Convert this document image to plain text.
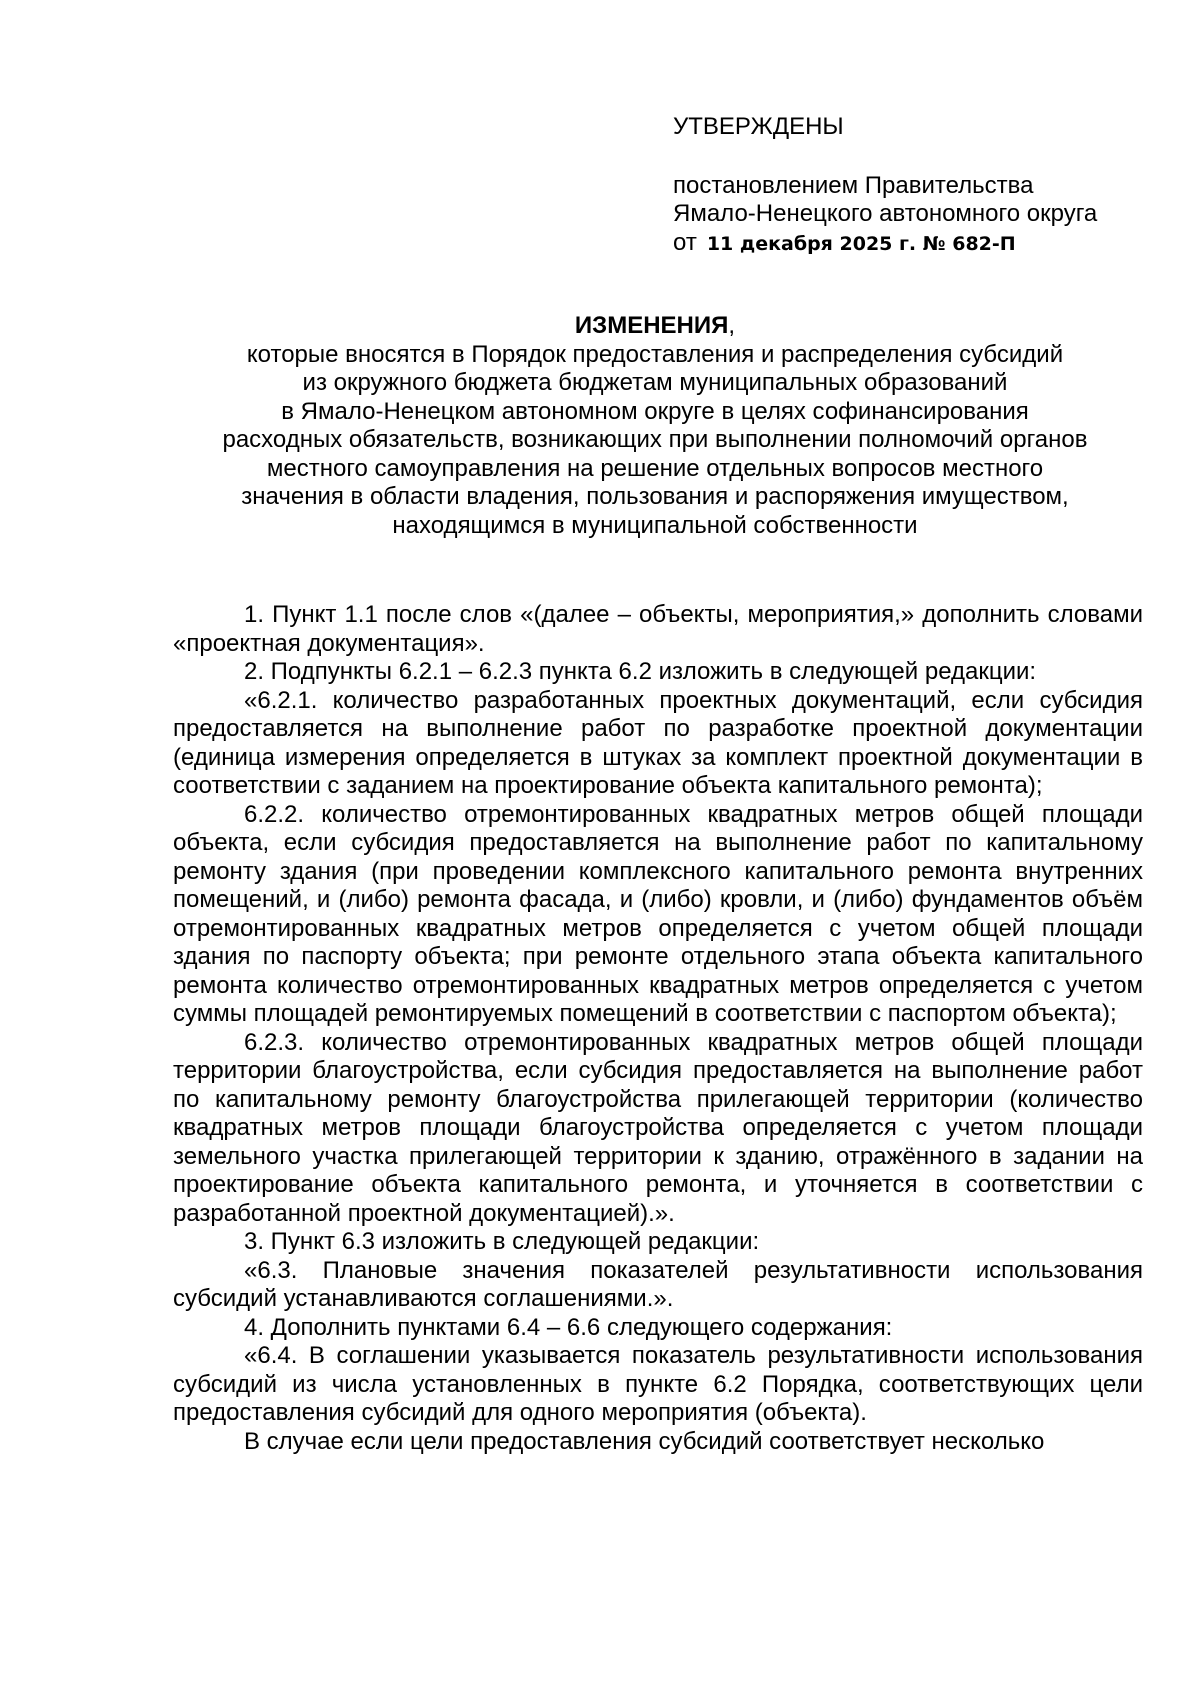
УТВЕРЖДЕНЫ
постановлением Правительства
Ямало-Ненецкого автономного округа
от 11 декабря 2025 г. № 682-П
ИЗМЕНЕНИЯ,
которые вносятся в Порядок предоставления и распределения субсидий
из окружного бюджета бюджетам муниципальных образований
в Ямало-Ненецком автономном округе в целях софинансирования
расходных обязательств, возникающих при выполнении полномочий органов
местного самоуправления на решение отдельных вопросов местного
значения в области владения, пользования и распоряжения имуществом,
находящимся в муниципальной собственности

1. Пункт 1.1 после слов «(далее – объекты, мероприятия,» дополнить словами «проектная документация».

2. Подпункты 6.2.1 – 6.2.3 пункта 6.2 изложить в следующей редакции:

«6.2.1. количество разработанных проектных документаций, если субсидия предоставляется на выполнение работ по разработке проектной документации (единица измерения определяется в штуках за комплект проектной документации в соответствии с заданием на проектирование объекта капитального ремонта);

6.2.2. количество отремонтированных квадратных метров общей площади объекта, если субсидия предоставляется на выполнение работ по капитальному ремонту здания (при проведении комплексного капитального ремонта внутренних помещений, и (либо) ремонта фасада, и (либо) кровли, и (либо) фундаментов объём отремонтированных квадратных метров определяется с учетом общей площади здания по паспорту объекта; при ремонте отдельного этапа объекта капитального ремонта количество отремонтированных квадратных метров определяется с учетом суммы площадей ремонтируемых помещений в соответствии с паспортом объекта);

6.2.3. количество отремонтированных квадратных метров общей площади территории благоустройства, если субсидия предоставляется на выполнение работ по капитальному ремонту благоустройства прилегающей территории (количество квадратных метров площади благоустройства определяется с учетом площади земельного участка прилегающей территории к зданию, отражённого в задании на проектирование объекта капитального ремонта, и уточняется в соответствии с разработанной проектной документацией).».

3. Пункт 6.3 изложить в следующей редакции:

«6.3. Плановые значения показателей результативности использования субсидий устанавливаются соглашениями.».

4. Дополнить пунктами 6.4 – 6.6 следующего содержания:

«6.4. В соглашении указывается показатель результативности использования субсидий из числа установленных в пункте 6.2 Порядка, соответствующих цели предоставления субсидий для одного мероприятия (объекта).

В случае если цели предоставления субсидий соответствует несколько
